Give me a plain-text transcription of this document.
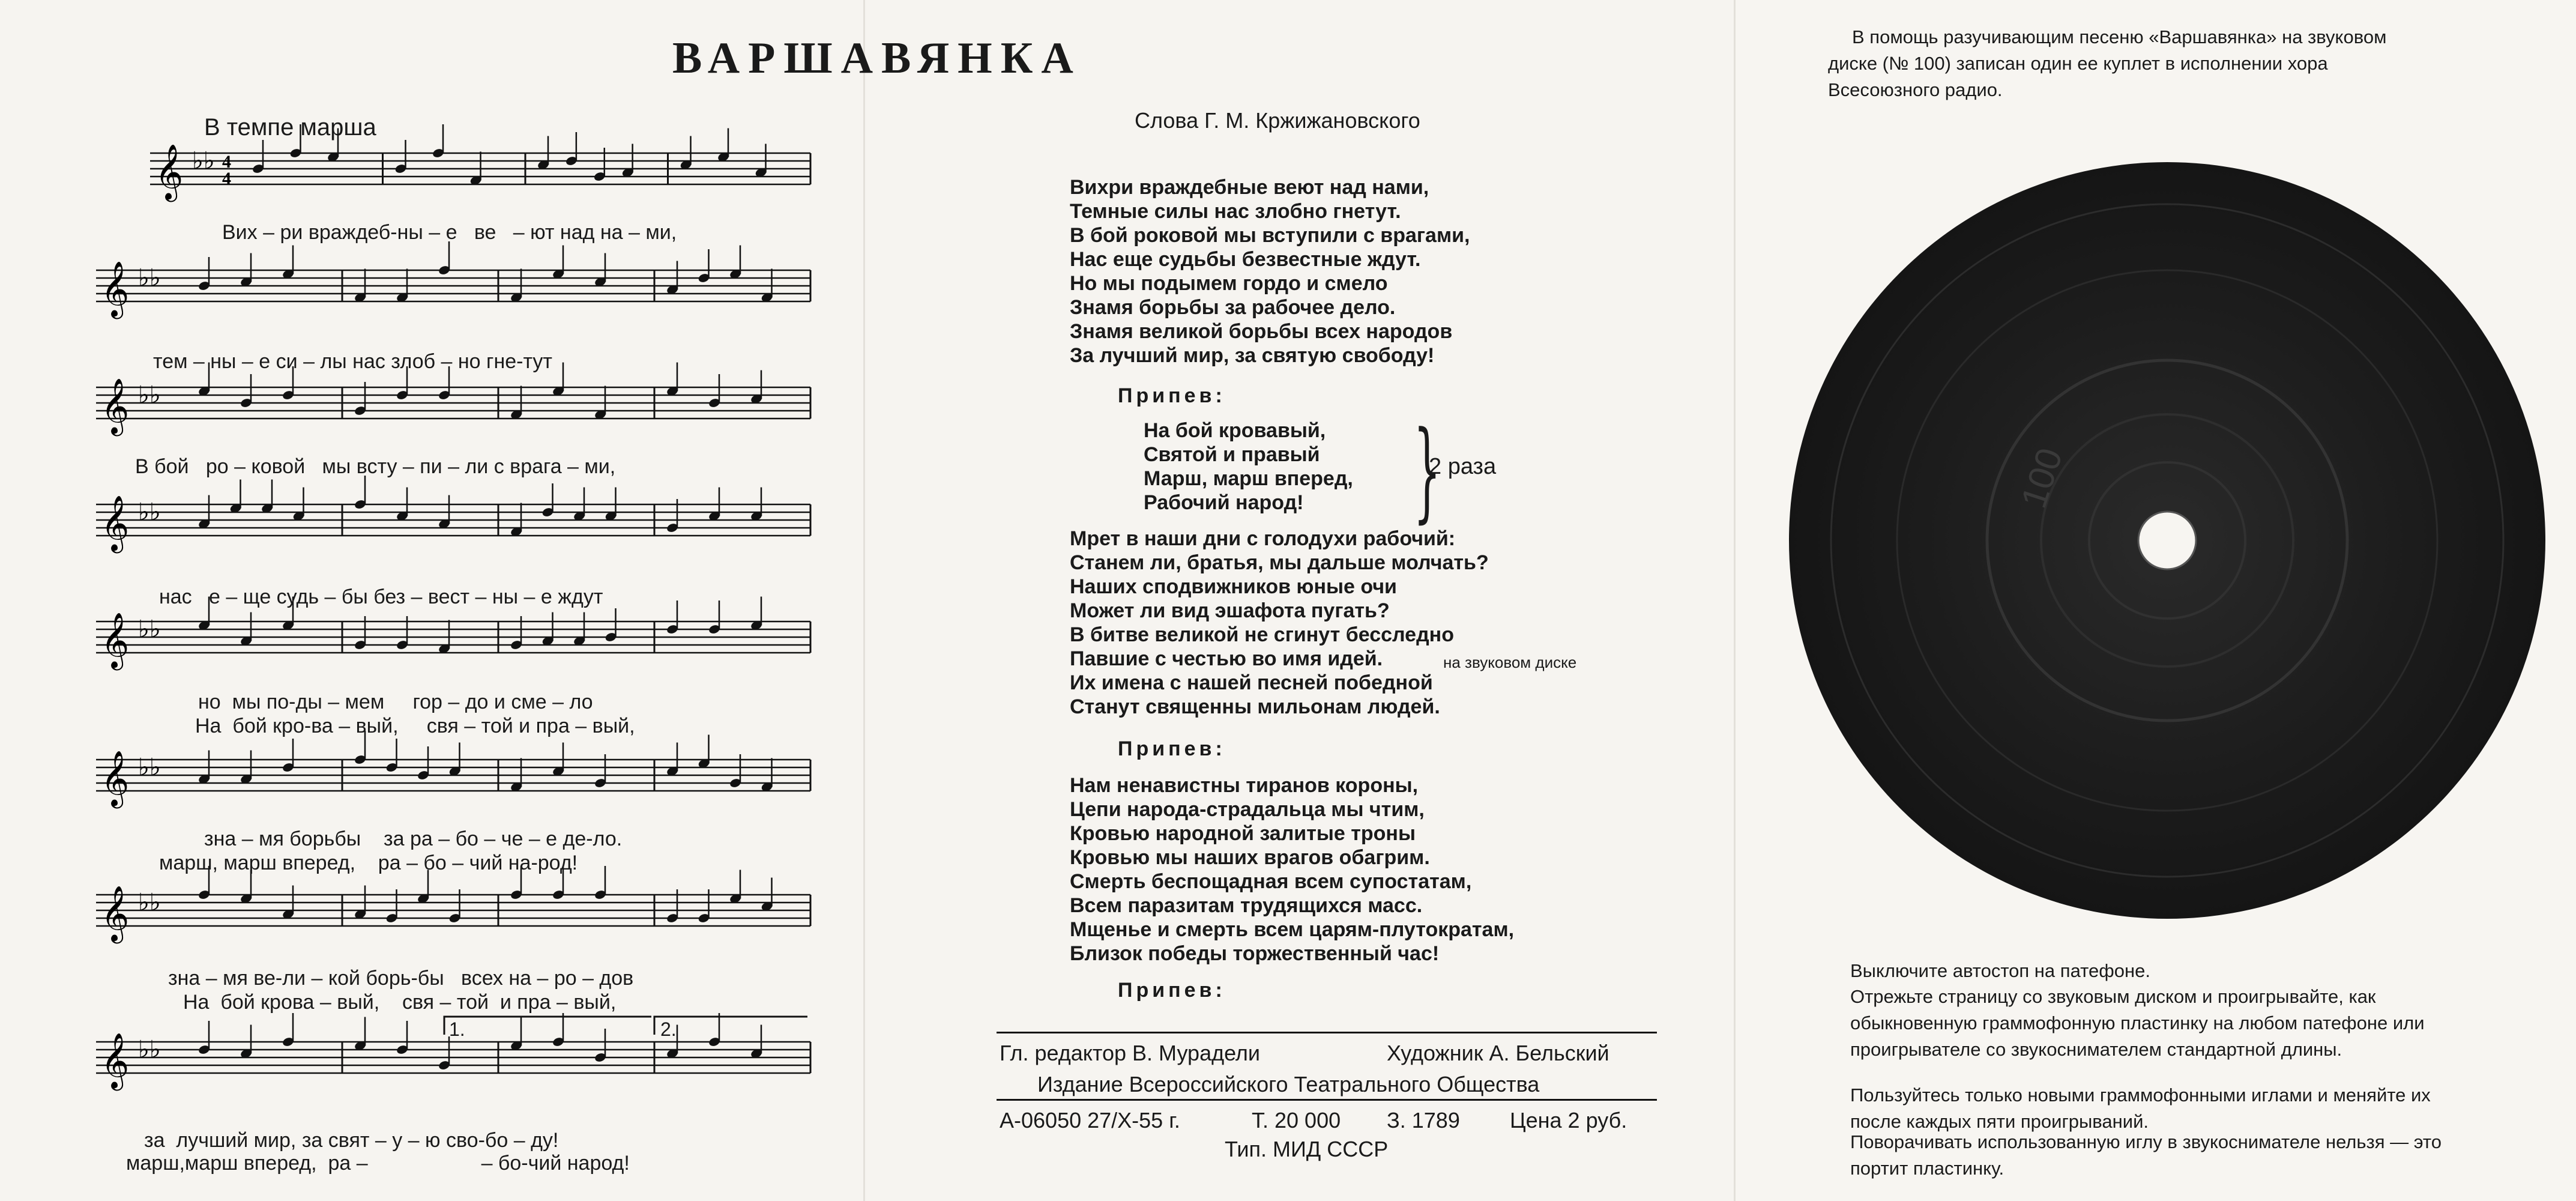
ВАРШАВЯНКА
В темпе марша
𝄞 ♭♭ 4
4
𝄞 ♭♭
𝄞 ♭♭
𝄞 ♭♭
𝄞 ♭♭
𝄞 ♭♭
𝄞 ♭♭
𝄞 ♭♭
Вих – ри враждеб-ны – е   ве   – ют над на – ми,
тем – ны – е си – лы нас злоб – но гне-тут
В бой   ро – ковой   мы всту – пи – ли с врага – ми,
нас   е – ще судь – бы без – вест – ны – е ждут
но  мы по-ды – мем     гор – до и сме – ло
На  бой кро-ва – вый,     свя – той и пра – вый,
зна – мя борьбы    за ра – бо – че – е де-ло.
марш, марш вперед,    ра – бо – чий на-род!
зна – мя ве-ли – кой борь-бы   всех на – ро – дов
На  бой крова – вый,    свя – той  и пра – вый,
за  лучший мир, за свят – у – ю сво-бо – ду!
марш,марш вперед,  ра –                    – бо-чий народ!
1.	2.
Слова Г. М. Кржижановского
Вихри враждебные веют над нами,
Темные силы нас злобно гнетут.
В бой роковой мы вступили с врагами,
Нас еще судьбы безвестные ждут.
Но мы подымем гордо и смело
Знамя борьбы за рабочее дело.
Знамя великой борьбы всех народов
За лучший мир, за святую свободу!
Припев:
На бой кровавый,
Святой и правый
Марш, марш вперед,
Рабочий народ!	}
2 раза
Мрет в наши дни с голодухи рабочий:
Станем ли, братья, мы дальше молчать?
Наших сподвижников юные очи
Может ли вид эшафота пугать?
В битве великой не сгинут бесследно
Павшие с честью во имя идей.
Их имена с нашей песней победной
Станут священны мильонам людей.
на звуковом диске
Припев:
Нам ненавистны тиранов короны,
Цепи народа-страдальца мы чтим,
Кровью народной залитые троны
Кровью мы наших врагов обагрим.
Смерть беспощадная всем супостатам,
Всем паразитам трудящихся масс.
Мщенье и смерть всем царям-плутократам,
Близок победы торжественный час!
Припев:
Гл. редактор В. Мурадели	Художник А. Бельский
Издание Всероссийского Театрального Общества
А-06050 27/X-55 г.	Т. 20 000 З. 1789 Цена 2 руб.
Тип. МИД СССР
В помощь разучивающим песеню «Варшавянка» на звуковом диске (№ 100) записан один ее куплет в исполнении хора Всесоюзного радио.
100
Выключите автостоп на патефоне.
Отрежьте страницу со звуковым диском и проигрывайте, как обыкновенную граммофонную пластинку на любом патефоне или проигрывателе со звукоснимателем стандартной длины.
Пользуйтесь только новыми граммофонными иглами и меняйте их после каждых пяти проигрываний.
Поворачивать использованную иглу в звукоснимателе нельзя — это портит пластинку.
